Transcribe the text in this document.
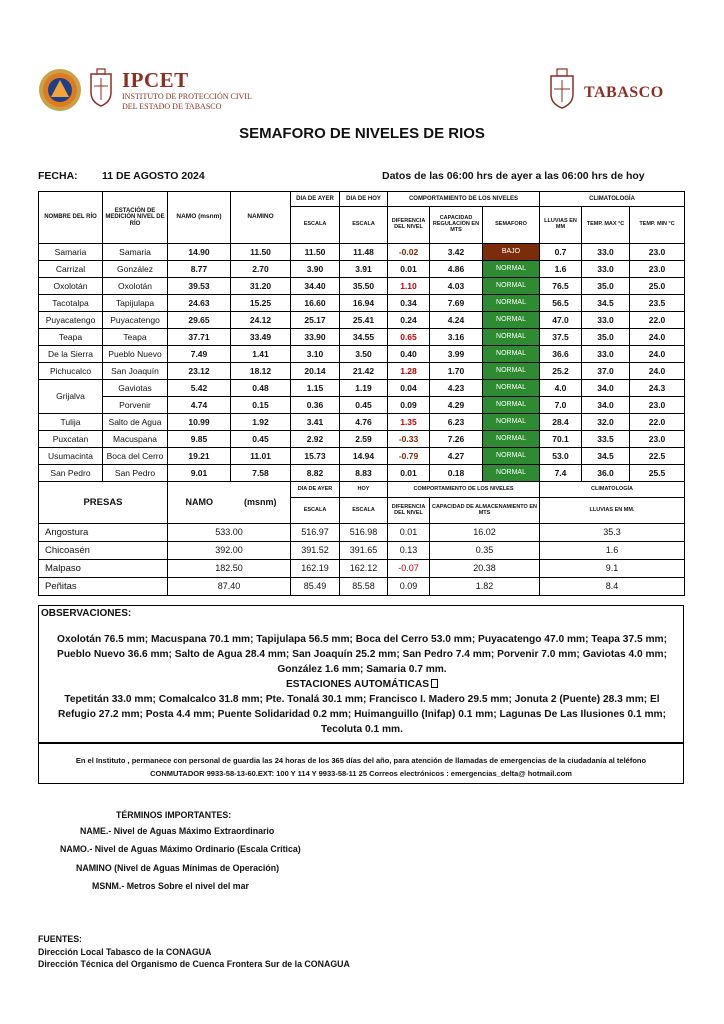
IPCET
INSTITUTO DE PROTECCIÓN CIVIL
DEL ESTADO DE TABASCO
TABASCO
SEMAFORO DE NIVELES DE RIOS
FECHA: 11 DE AGOSTO 2024	Datos de las 06:00 hrs de ayer a las 06:00 hrs de hoy
NOMBRE DEL RÍO	ESTACIÓN DE MEDICIÓN NIVEL DE RÍO	NAMO (msnm)	NAMINO	DIA DE AYER	DIA DE HOY	COMPORTAMIENTO DE LOS NIVELES			CLIMATOLOGÍA		
				ESCALA	ESCALA	DIFERENCIA DEL NIVEL	CAPACIDAD REGULACION EN MTS	SEMAFORO	LLUVIAS EN MM	TEMP. MAX °C	TEMP. MIN °C
Samaria	Samaria	14.90	11.50	11.50	11.48	-0.02	3.42	BAJO	0.7	33.0	23.0
Carrizal	González	8.77	2.70	3.90	3.91	0.01	4.86	NORMAL	1.6	33.0	23.0
Oxolotán	Oxolotán	39.53	31.20	34.40	35.50	1.10	4.03	NORMAL	76.5	35.0	25.0
Tacotalpa	Tapijulapa	24.63	15.25	16.60	16.94	0.34	7.69	NORMAL	56.5	34.5	23.5
Puyacatengo	Puyacatengo	29.65	24.12	25.17	25.41	0.24	4.24	NORMAL	47.0	33.0	22.0
Teapa	Teapa	37.71	33.49	33.90	34.55	0.65	3.16	NORMAL	37.5	35.0	24.0
De la Sierra	Pueblo Nuevo	7.49	1.41	3.10	3.50	0.40	3.99	NORMAL	36.6	33.0	24.0
Pichucalco	San Joaquín	23.12	18.12	20.14	21.42	1.28	1.70	NORMAL	25.2	37.0	24.0
Grijalva	Gaviotas	5.42	0.48	1.15	1.19	0.04	4.23	NORMAL	4.0	34.0	24.3
	Porvenir	4.74	0.15	0.36	0.45	0.09	4.29	NORMAL	7.0	34.0	23.0
Tulija	Salto de Agua	10.99	1.92	3.41	4.76	1.35	6.23	NORMAL	28.4	32.0	22.0
Puxcatan	Macuspana	9.85	0.45	2.92	2.59	-0.33	7.26	NORMAL	70.1	33.5	23.0
Usumacinta	Boca del Cerro	19.21	11.01	15.73	14.94	-0.79	4.27	NORMAL	53.0	34.5	22.5
San Pedro	San Pedro	9.01	7.58	8.82	8.83	0.01	0.18	NORMAL	7.4	36.0	25.5
PRESAS		NAMO	(msnm)	DIA DE AYER	HOY	COMPORTAMIENTO DE LOS NIVELES			CLIMATOLOGÍA		
				ESCALA	ESCALA	DIFERENCIA DEL NIVEL	CAPACIDAD DE ALMACENAMIENTO EN MTS		LLUVIAS EN MM.		
Angostura		533.00		516.97	516.98	0.01	16.02		35.3		
Chicoasén		392.00		391.52	391.65	0.13	0.35		1.6		
Malpaso		182.50		162.19	162.12	-0.07	20.38		9.1		
Peñitas		87.40		85.49	85.58	0.09	1.82		8.4		
OBSERVACIONES:
Oxolotán 76.5 mm; Macuspana 70.1 mm; Tapijulapa 56.5 mm; Boca del Cerro 53.0 mm; Puyacatengo 47.0 mm; Teapa 37.5 mm; Pueblo Nuevo 36.6 mm; Salto de Agua 28.4 mm; San Joaquín 25.2 mm; San Pedro 7.4 mm; Porvenir 7.0 mm; Gaviotas 4.0 mm; González 1.6 mm; Samaria 0.7 mm.
ESTACIONES AUTOMÁTICAS
Tepetitán 33.0 mm; Comalcalco 31.8 mm; Pte. Tonalá 30.1 mm; Francisco I. Madero 29.5 mm; Jonuta 2 (Puente) 28.3 mm; El Refugio 27.2 mm; Posta 4.4 mm; Puente Solidaridad 0.2 mm; Huimanguillo (Inifap) 0.1 mm; Lagunas De Las Ilusiones 0.1 mm; Tecoluta 0.1 mm.
En el Instituto , permanece con personal de guardia las 24 horas de los 365 días del año, para atención de llamadas de emergencias de la ciudadanía al teléfono
CONMUTADOR 9933-58-13-60.EXT: 100 Y 114 Y 9933-58-11 25 Correos electrónicos : emergencias_delta@ hotmail.com
TÉRMINOS IMPORTANTES:
NAME.- Nivel de Aguas Máximo Extraordinario
NAMO.- Nivel de Aguas Máximo Ordinario (Escala Crítica)
NAMINO (Nivel de Aguas Mínimas de Operación)
MSNM.- Metros Sobre el nivel del mar
FUENTES:
Dirección Local Tabasco de la CONAGUA
Dirección Técnica del Organismo de Cuenca Frontera Sur de la CONAGUA
